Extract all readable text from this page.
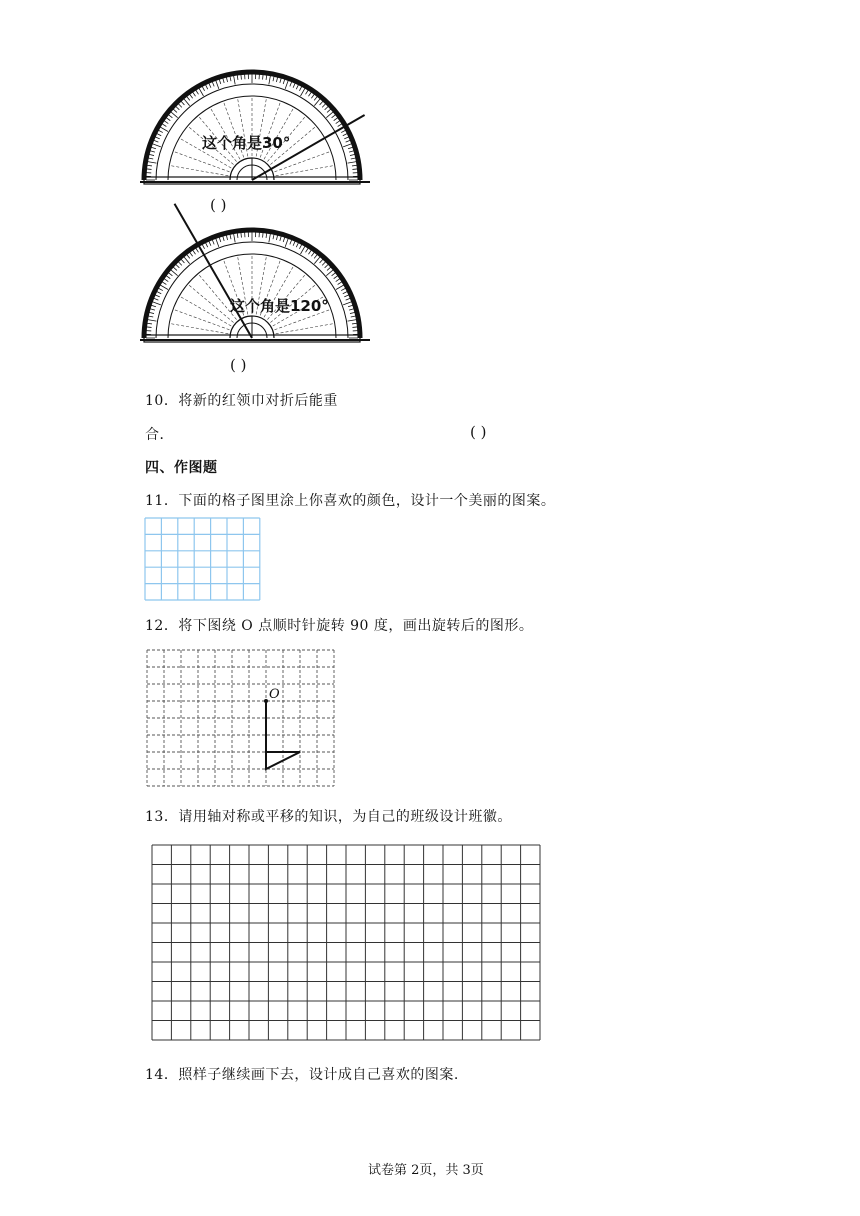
这个角是30°
( )
这个角是120°
( )
10．将新的红领巾对折后能重
合．	( )
四、作图题
11．下面的格子图里涂上你喜欢的颜色，设计一个美丽的图案。
12．将下图绕 O 点顺时针旋转 90 度，画出旋转后的图形。
O
13．请用轴对称或平移的知识，为自己的班级设计班徽。
14．照样子继续画下去，设计成自己喜欢的图案.
试卷第 2页，共 3页
